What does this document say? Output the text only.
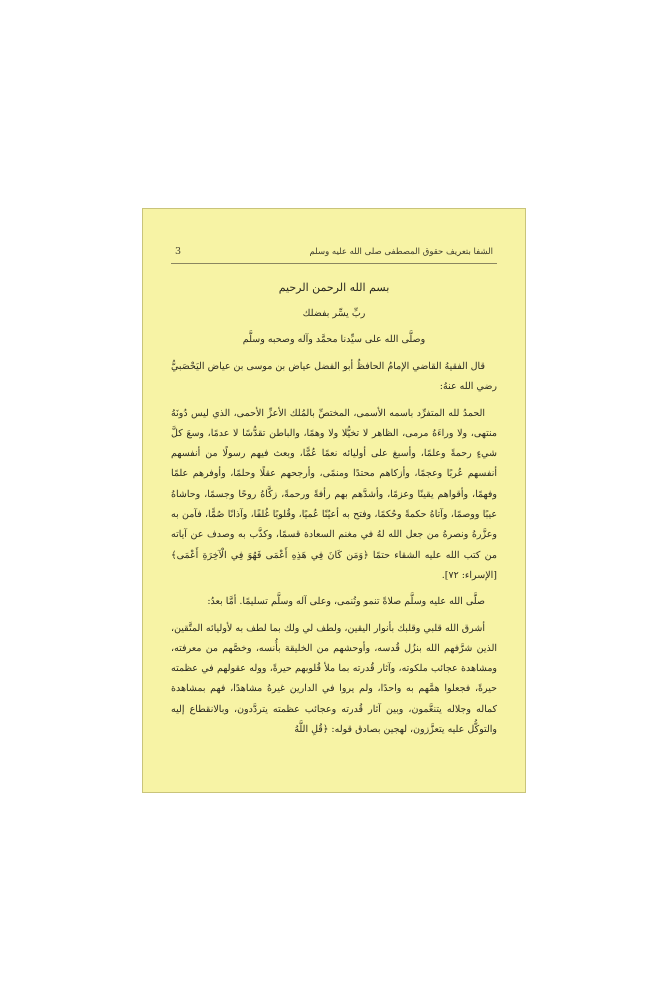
الشفا بتعريف حقوق المصطفى صلى الله عليه وسلم
3

بسم الله الرحمن الرحيم

ربِّ يسِّر بفضلك

وصلَّى الله على سيِّدنا محمَّد وآله وصحبه وسلَّم

قال الفقيهُ القاضي الإمامُ الحافظُ أبو الفضل عياض بن موسى بن عياض اليَحْصَبيُّ رضي الله عنهُ:

الحمدُ لله المتفرِّد باسمه الأسمى، المختصِّ بالمُلك الأعزِّ الأحمى، الذي ليس دُونَهُ منتهى، ولا وراءَهُ مرمى، الظاهر لا تخيُّلا ولا وهمًا، والباطن تقدُّسًا لا عدمًا، وسعَ كلَّ شيءٍ رحمةً وعلمًا، وأسبغ على أوليائه نعمًا عُمًّا، وبعث فيهم رسولًا من أنفسهم أنفسهم عُربًا وعجمًا، وأزكاهم محتدًا ومنمًى، وأرجحهم عقلًا وحلمًا، وأوفرهم علمًا وفهمًا، وأقواهم يقينًا وعزمًا، وأشدَّهم بهم رأفةً ورحمةً، زكَّاهُ روحًا وجسمًا، وحاشاهُ عيبًا ووصمًا، وآتاهُ حكمةً وحُكمًا، وفتح به أعيُنًا عُميًا، وقُلوبًا غُلفًا، وآذانًا صُمًّا، فآمن به وعزَّرهُ ونصرهُ من جعل الله لهُ في مغنم السعادة قسمًا، وكذَّب به وصدف عن آياته من كتب الله عليه الشقاء حتمًا ﴿وَمَن كَانَ فِي هَذِهِ أَعْمَى فَهُوَ فِي الْآخِرَةِ أَعْمَى﴾ [الإسراء: ٧٢].

صلَّى الله عليه وسلَّم صلاةً تنمو وتُنمى، وعلى آله وسلَّم تسليمًا. أمَّا بعدُ:

أشرق الله قلبي وقلبك بأنوار اليقين، ولطف لي ولك بما لطف به لأوليائه المتَّقين، الذين شرَّفهم الله بنزُل قُدسه، وأوحشهم من الخليقة بأُنسه، وخصَّهم من معرفته، ومشاهدة عجائب ملكوته، وآثار قُدرته بما ملأ قُلوبهم حيرةً، ووله عقولهم في عظمته حيرةً، فجعلوا همَّهم به واحدًا، ولم يروا في الدارين غيرهُ مشاهدًا، فهم بمشاهدة كماله وجلاله يتنعَّمون، وبين آثار قُدرته وعجائب عظمته يتردَّدون، وبالانقطاع إليه والتوكُّل عليه يتعزَّزون، لهجين بصادق قوله: ﴿قُلِ اللَّهُ
